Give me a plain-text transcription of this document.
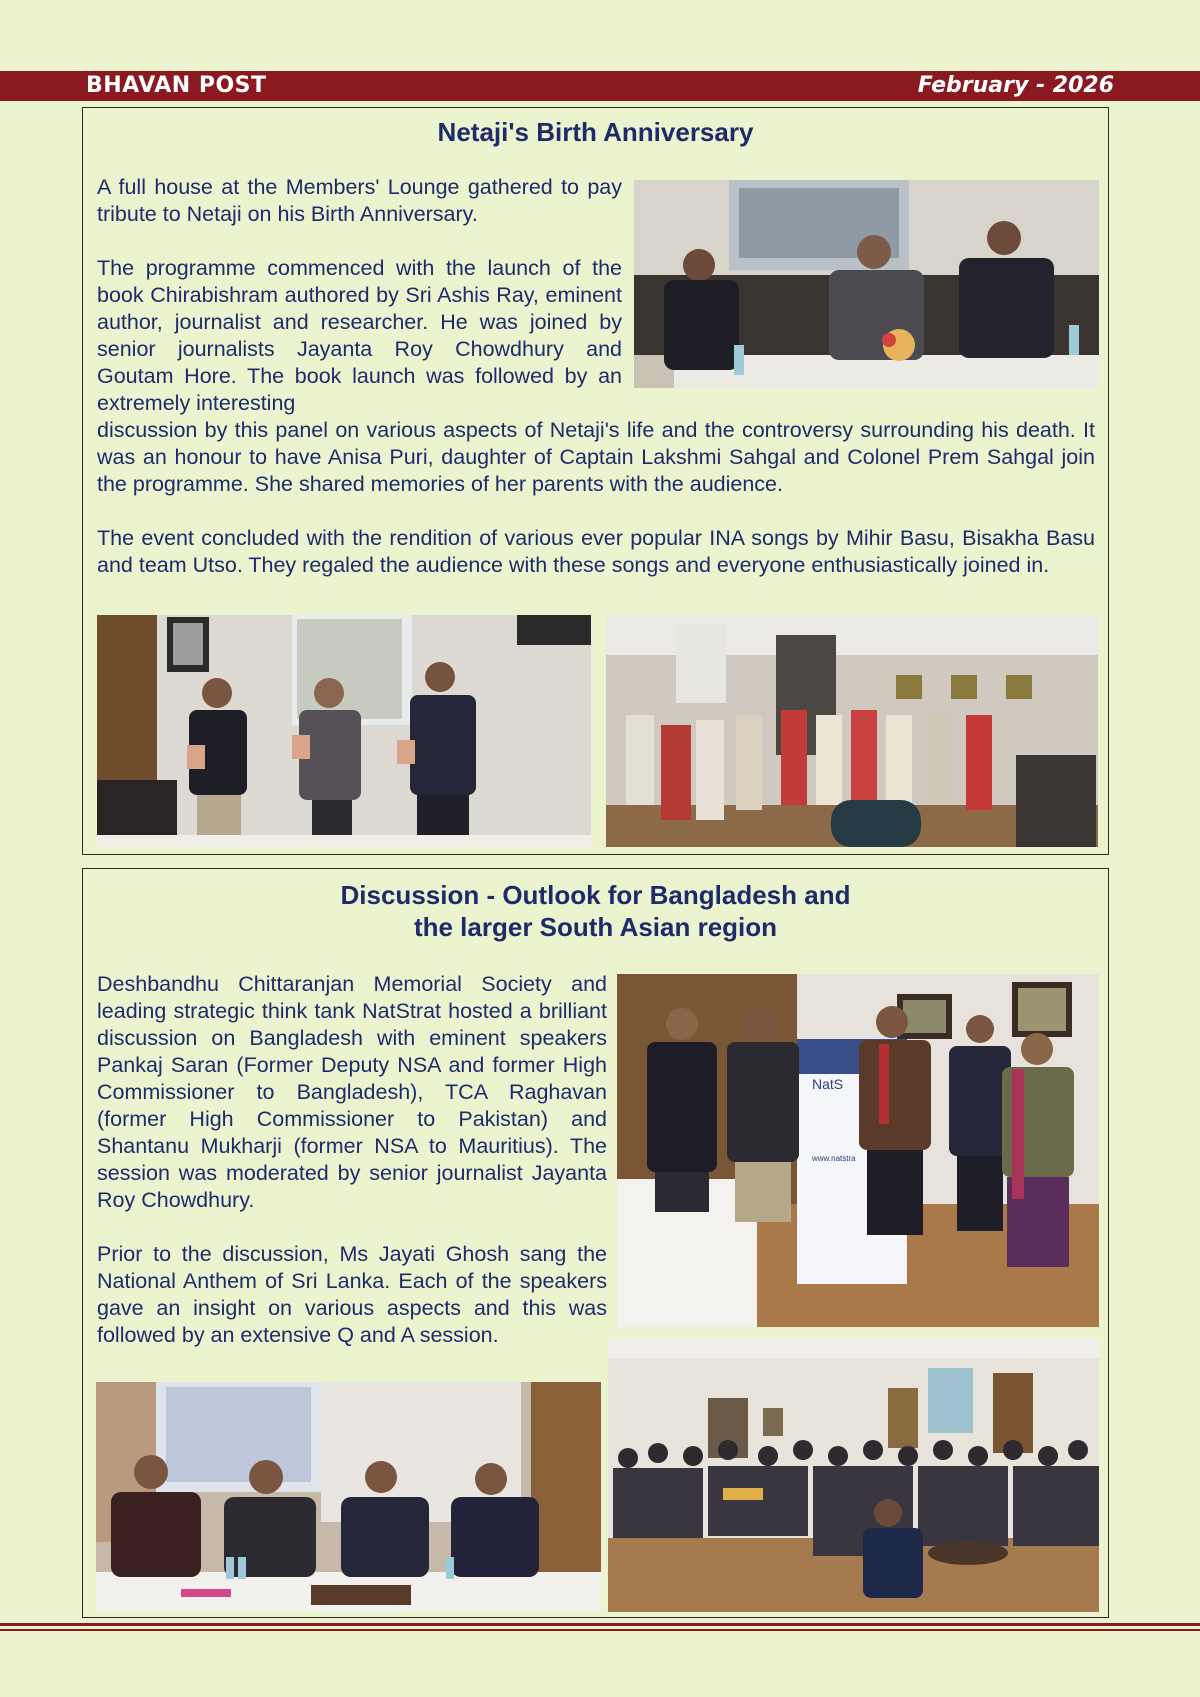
BHAVAN POST	February - 2026
Netaji's Birth Anniversary

A full house at the Members' Lounge gathered to pay tribute to Netaji on his Birth Anniversary.

The programme commenced with the launch of the book Chirabishram authored by Sri Ashis Ray, eminent author, journalist and researcher. He was joined by senior journalists Jayanta Roy Chowdhury and Goutam Hore. The book launch was followed by an extremely interesting

discussion by this panel on various aspects of Netaji's life and the controversy surrounding his death. It was an honour to have Anisa Puri, daughter of Captain Lakshmi Sahgal and Colonel Prem Sahgal join the programme. She shared memories of her parents with the audience.

The event concluded with the rendition of various ever popular INA songs by Mihir Basu, Bisakha Basu and team Utso. They regaled the audience with these songs and everyone enthusiastically joined in.

Discussion - Outlook for Bangladesh and
the larger South Asian region

Deshbandhu Chittaranjan Memorial Society and leading strategic think tank NatStrat hosted a brilliant discussion on Bangladesh with eminent speakers Pankaj Saran (Former Deputy NSA and former High Commissioner to Bangladesh), TCA Raghavan (former High Commissioner to Pakistan) and Shantanu Mukharji (former NSA to Mauritius). The session was moderated by senior journalist Jayanta Roy Chowdhury.

Prior to the discussion, Ms Jayati Ghosh sang the National Anthem of Sri Lanka. Each of the speakers gave an insight on various aspects and this was followed by an extensive Q and A session.

NatS
www.natstra
